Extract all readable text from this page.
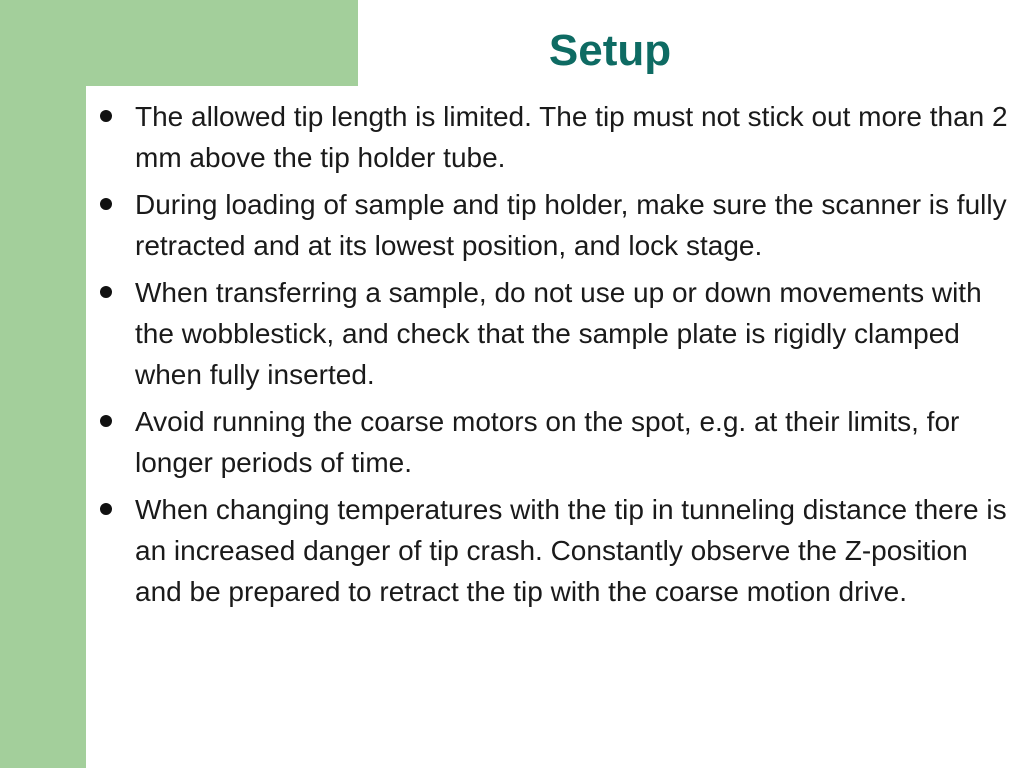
Setup
The allowed tip length is limited. The tip must not stick out more than 2 mm above the tip holder tube.
During loading of sample and tip holder, make sure the scanner is fully retracted and at its lowest position, and lock stage.
When transferring a sample, do not use up or down movements with the wobblestick, and check that the sample plate is rigidly clamped when fully inserted.
Avoid running the coarse motors on the spot, e.g. at their limits, for longer periods of time.
When changing temperatures with the tip in tunneling distance there is an increased danger of tip crash. Constantly observe the Z-position and be prepared to retract the tip with the coarse motion drive.
